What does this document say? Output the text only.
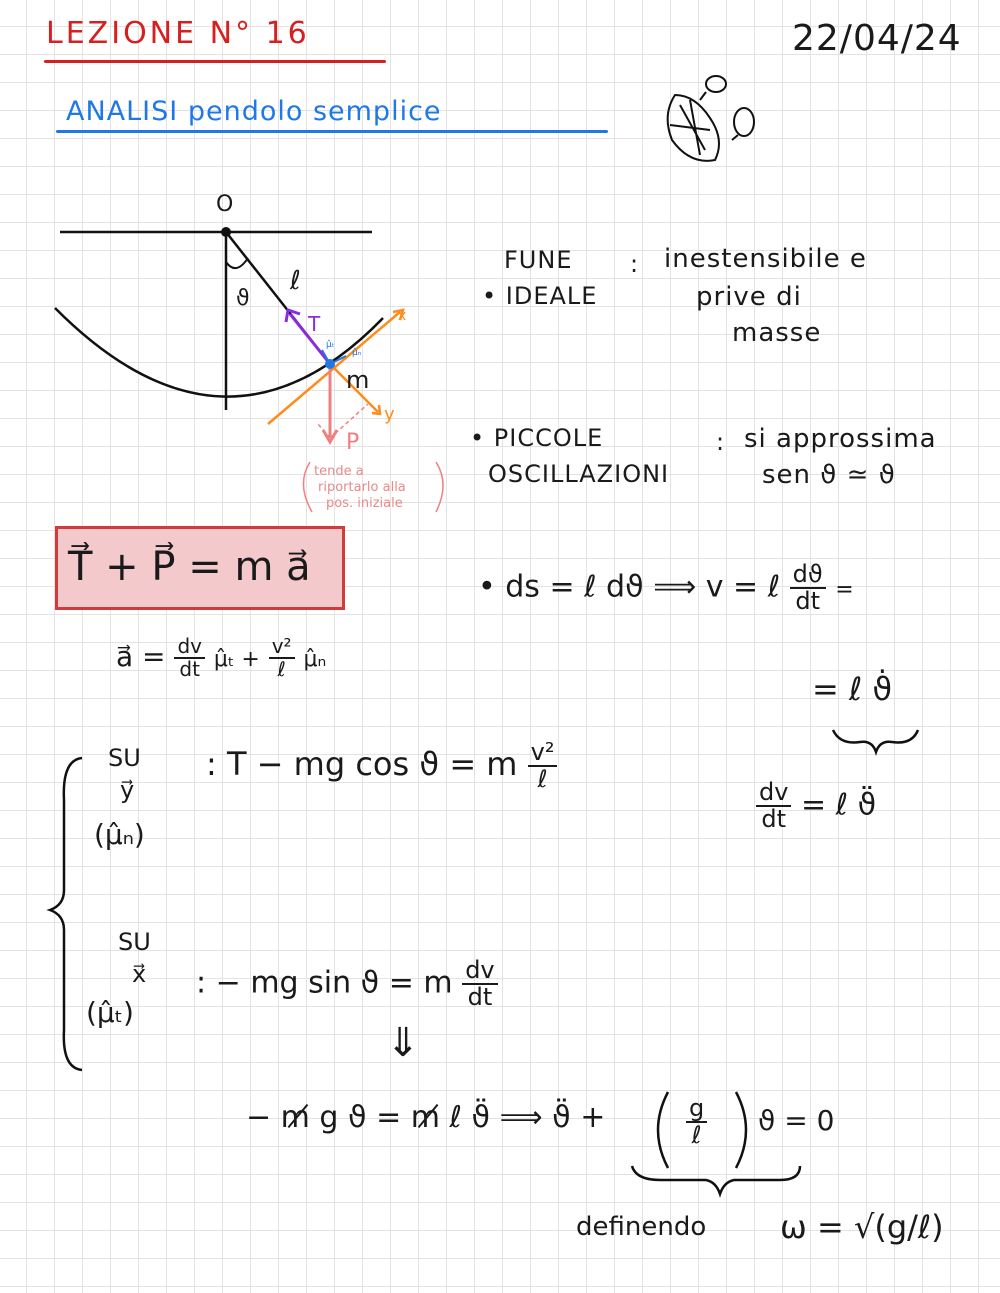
LEZIONE N° 16	22/04/24
ANALISI pendolo semplice
O
ϑ
ℓ
T
m
P
x
y
μ̂ₜ
μ̂ₙ
tende a
riportarlo alla
pos. iniziale
FUNE
• IDEALE
: inestensibile e
prive di
masse
• PICCOLE
OSCILLAZIONI
: si approssima
sen ϑ ≃ ϑ
T⃗ + P⃗ = m a⃗
a⃗ = $\frac{dv}{dt}$ μ̂ₜ + $\frac{\text{v²}}{\text{ℓ}}$ μ̂ₙ
• ds = ℓ dϑ ⟹ v = ℓ $\frac{dϑ}{dt}$ =
= ℓ ϑ̇
$\frac{dv}{dt}$ = ℓ ϑ̈
SU
y⃗
(μ̂ₙ)
: T − mg cos ϑ = m $\frac{\text{v²}}{\text{ℓ}}$
SU
x⃗
(μ̂ₜ)
: − mg sin ϑ = m $\frac{dv}{dt}$
⇓
− m̸ g ϑ = m̸ ℓ ϑ̈ ⟹ ϑ̈ +	$\frac{g}{\text{ℓ}}$ ϑ = 0
definendo ω = √(g/ℓ)
